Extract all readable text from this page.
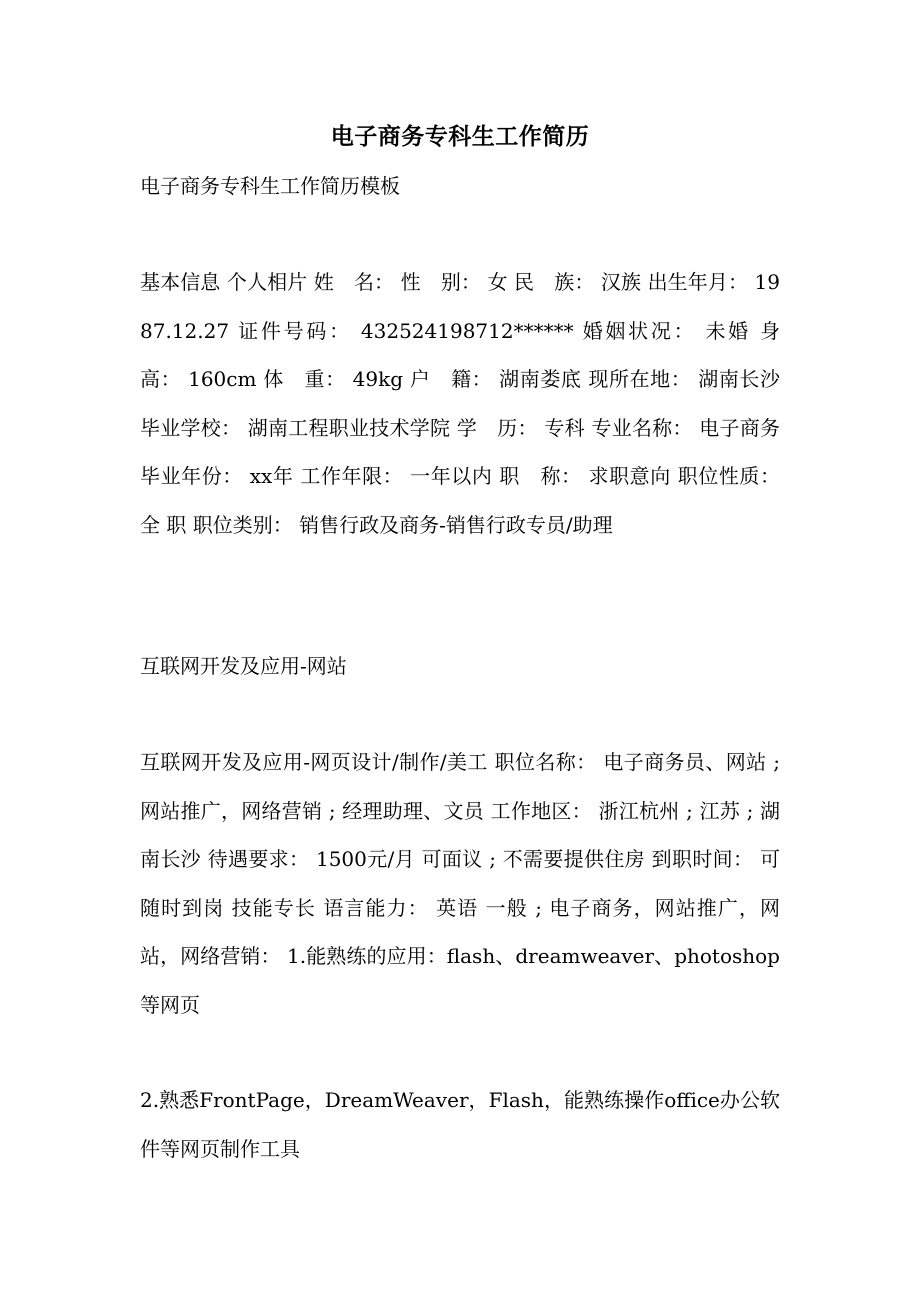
电子商务专科生工作简历

电子商务专科生工作简历模板

基本信息 个人相片 姓　名： 性　别： 女 民　族： 汉族 出生年月： 1987.12.27 证件号码： 432524198712****** 婚姻状况： 未婚 身　高： 160cm 体　重： 49kg 户　籍： 湖南娄底 现所在地： 湖南长沙 毕业学校： 湖南工程职业技术学院 学　历： 专科 专业名称： 电子商务 毕业年份： xx年 工作年限： 一年以内 职　称： 求职意向 职位性质： 全 职 职位类别： 销售行政及商务-销售行政专员/助理

互联网开发及应用-网站

互联网开发及应用-网页设计/制作/美工 职位名称： 电子商务员、网站 ; 网站推广，网络营销 ; 经理助理、文员 工作地区： 浙江杭州 ; 江苏 ; 湖南长沙 待遇要求： 1500元/月 可面议 ; 不需要提供住房 到职时间： 可随时到岗 技能专长 语言能力： 英语 一般 ; 电子商务，网站推广，网站，网络营销： 1.能熟练的应用：flash、dreamweaver、photoshop等网页

2.熟悉FrontPage，DreamWeaver，Flash，能熟练操作office办公软件等网页制作工具
